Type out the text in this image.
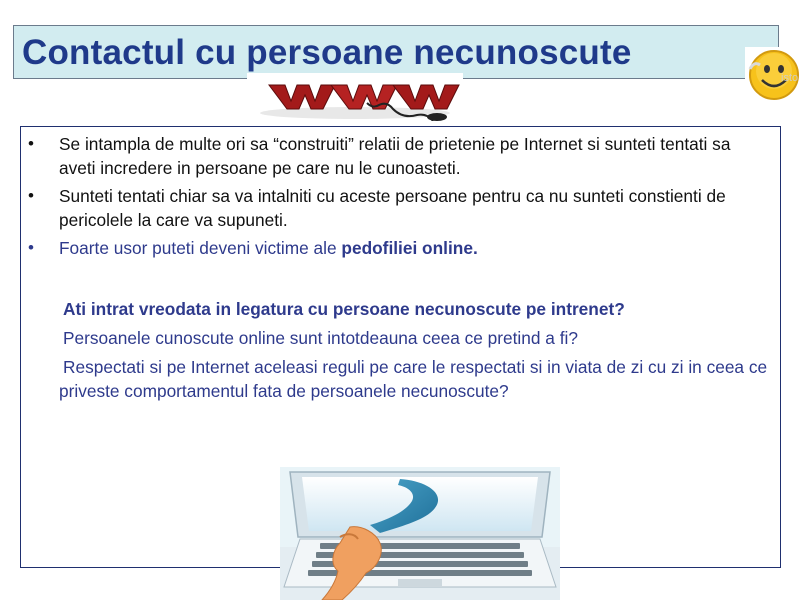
Contactul cu persoane necunoscute
isto
• Se intampla de multe ori sa “construiti” relatii de prietenie pe Internet si sunteti tentati sa aveti incredere in persoane pe care nu le cunoasteti.
• Sunteti tentati chiar sa va intalniti cu aceste persoane pentru ca nu sunteti constienti de pericolele la care va supuneti.
• Foarte usor puteti deveni victime ale pedofiliei online.
Ati intrat vreodata in legatura cu persoane necunoscute pe intrenet?
Persoanele cunoscute online sunt intotdeauna ceea ce pretind a fi?
Respectati si pe Internet aceleasi reguli pe care le respectati si in viata de zi cu zi in ceea ce priveste comportamentul fata de persoanele necunoscute?
